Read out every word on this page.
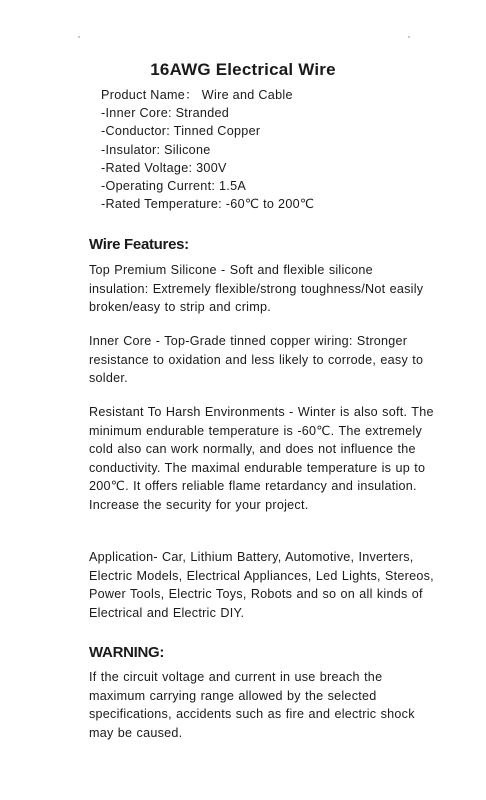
16AWG Electrical Wire
Product Name： Wire and Cable
-Inner Core: Stranded
-Conductor: Tinned Copper
-Insulator: Silicone
-Rated Voltage: 300V
-Operating Current: 1.5A
-Rated Temperature: -60℃ to 200℃
Wire Features:

Top Premium Silicone - Soft and flexible silicone insulation: Extremely flexible/strong toughness/Not easily broken/easy to strip and crimp.

Inner Core - Top-Grade tinned copper wiring: Stronger resistance to oxidation and less likely to corrode, easy to solder.

Resistant To Harsh Environments - Winter is also soft. The minimum endurable temperature is -60℃. The extremely cold also can work normally, and does not influence the conductivity. The maximal endurable temperature is up to 200℃. It offers reliable flame retardancy and insulation. Increase the security for your project.

Application- Car, Lithium Battery, Automotive, Inverters, Electric Models, Electrical Appliances, Led Lights, Stereos, Power Tools, Electric Toys, Robots and so on all kinds of Electrical and Electric DIY.

WARNING:

If the circuit voltage and current in use breach the maximum carrying range allowed by the selected specifications, accidents such as fire and electric shock may be caused.
